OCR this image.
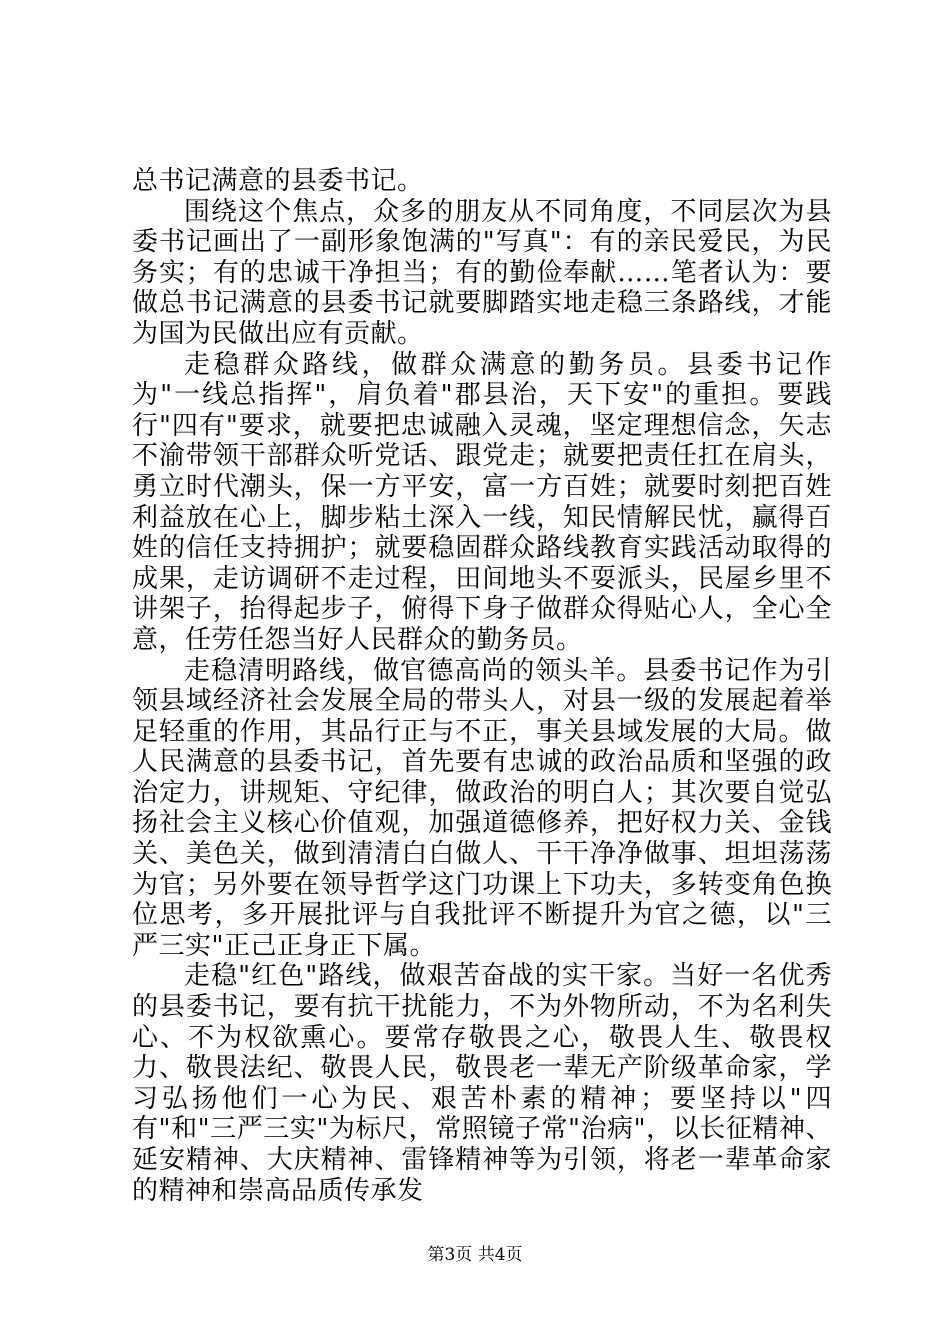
总书记满意的县委书记。

围绕这个焦点，众多的朋友从不同角度，不同层次为县委书记画出了一副形象饱满的"写真"：有的亲民爱民，为民务实；有的忠诚干净担当；有的勤俭奉献……笔者认为：要做总书记满意的县委书记就要脚踏实地走稳三条路线，才能为国为民做出应有贡献。

走稳群众路线，做群众满意的勤务员。县委书记作为"一线总指挥"，肩负着"郡县治，天下安"的重担。要践行"四有"要求，就要把忠诚融入灵魂，坚定理想信念，矢志不渝带领干部群众听党话、跟党走；就要把责任扛在肩头，勇立时代潮头，保一方平安，富一方百姓；就要时刻把百姓利益放在心上，脚步粘土深入一线，知民情解民忧，赢得百姓的信任支持拥护；就要稳固群众路线教育实践活动取得的成果，走访调研不走过程，田间地头不耍派头，民屋乡里不讲架子，抬得起步子，俯得下身子做群众得贴心人，全心全意，任劳任怨当好人民群众的勤务员。

走稳清明路线，做官德高尚的领头羊。县委书记作为引领县域经济社会发展全局的带头人，对县一级的发展起着举足轻重的作用，其品行正与不正，事关县域发展的大局。做人民满意的县委书记，首先要有忠诚的政治品质和坚强的政治定力，讲规矩、守纪律，做政治的明白人；其次要自觉弘扬社会主义核心价值观，加强道德修养，把好权力关、金钱关、美色关，做到清清白白做人、干干净净做事、坦坦荡荡为官；另外要在领导哲学这门功课上下功夫，多转变角色换位思考，多开展批评与自我批评不断提升为官之德，以"三严三实"正己正身正下属。

走稳"红色"路线，做艰苦奋战的实干家。当好一名优秀的县委书记，要有抗干扰能力，不为外物所动，不为名利失心、不为权欲熏心。要常存敬畏之心，敬畏人生、敬畏权力、敬畏法纪、敬畏人民，敬畏老一辈无产阶级革命家，学习弘扬他们一心为民、艰苦朴素的精神；要坚持以"四有"和"三严三实"为标尺，常照镜子常"治病"，以长征精神、延安精神、大庆精神、雷锋精神等为引领，将老一辈革命家的精神和崇高品质传承发

第3页 共4页
